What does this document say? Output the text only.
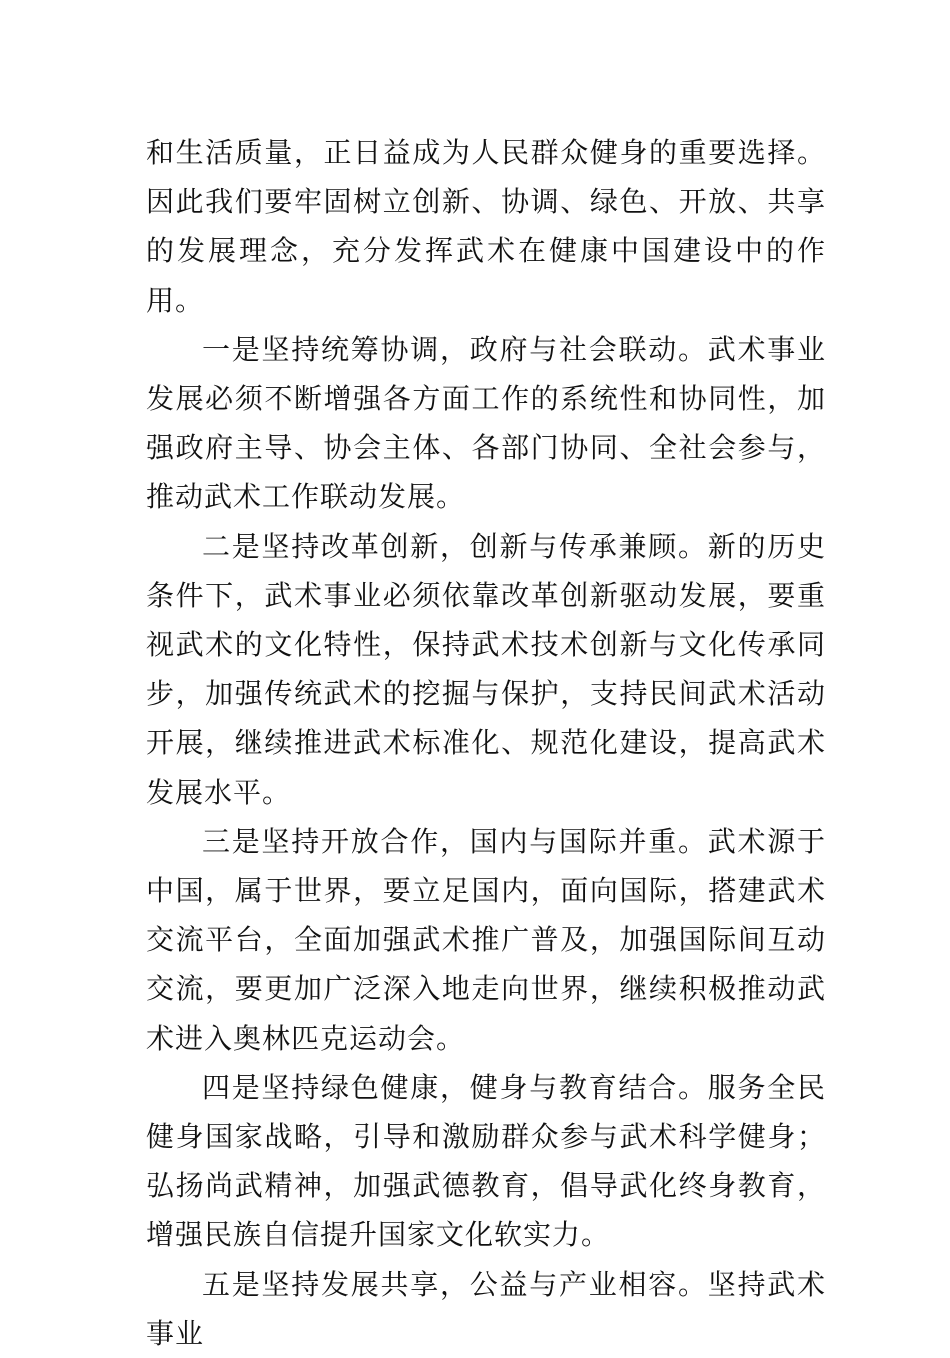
和生活质量，正日益成为人民群众健身的重要选择。因此我们要牢固树立创新、协调、绿色、开放、共享的发展理念，充分发挥武术在健康中国建设中的作用。

一是坚持统筹协调，政府与社会联动。武术事业发展必须不断增强各方面工作的系统性和协同性，加强政府主导、协会主体、各部门协同、全社会参与，推动武术工作联动发展。

二是坚持改革创新，创新与传承兼顾。新的历史条件下，武术事业必须依靠改革创新驱动发展，要重视武术的文化特性，保持武术技术创新与文化传承同步，加强传统武术的挖掘与保护，支持民间武术活动开展，继续推进武术标准化、规范化建设，提高武术发展水平。

三是坚持开放合作，国内与国际并重。武术源于中国，属于世界，要立足国内，面向国际，搭建武术交流平台，全面加强武术推广普及，加强国际间互动交流，要更加广泛深入地走向世界，继续积极推动武术进入奥林匹克运动会。

四是坚持绿色健康，健身与教育结合。服务全民健身国家战略，引导和激励群众参与武术科学健身；弘扬尚武精神，加强武德教育，倡导武化终身教育，增强民族自信提升国家文化软实力。

五是坚持发展共享，公益与产业相容。坚持武术事业
